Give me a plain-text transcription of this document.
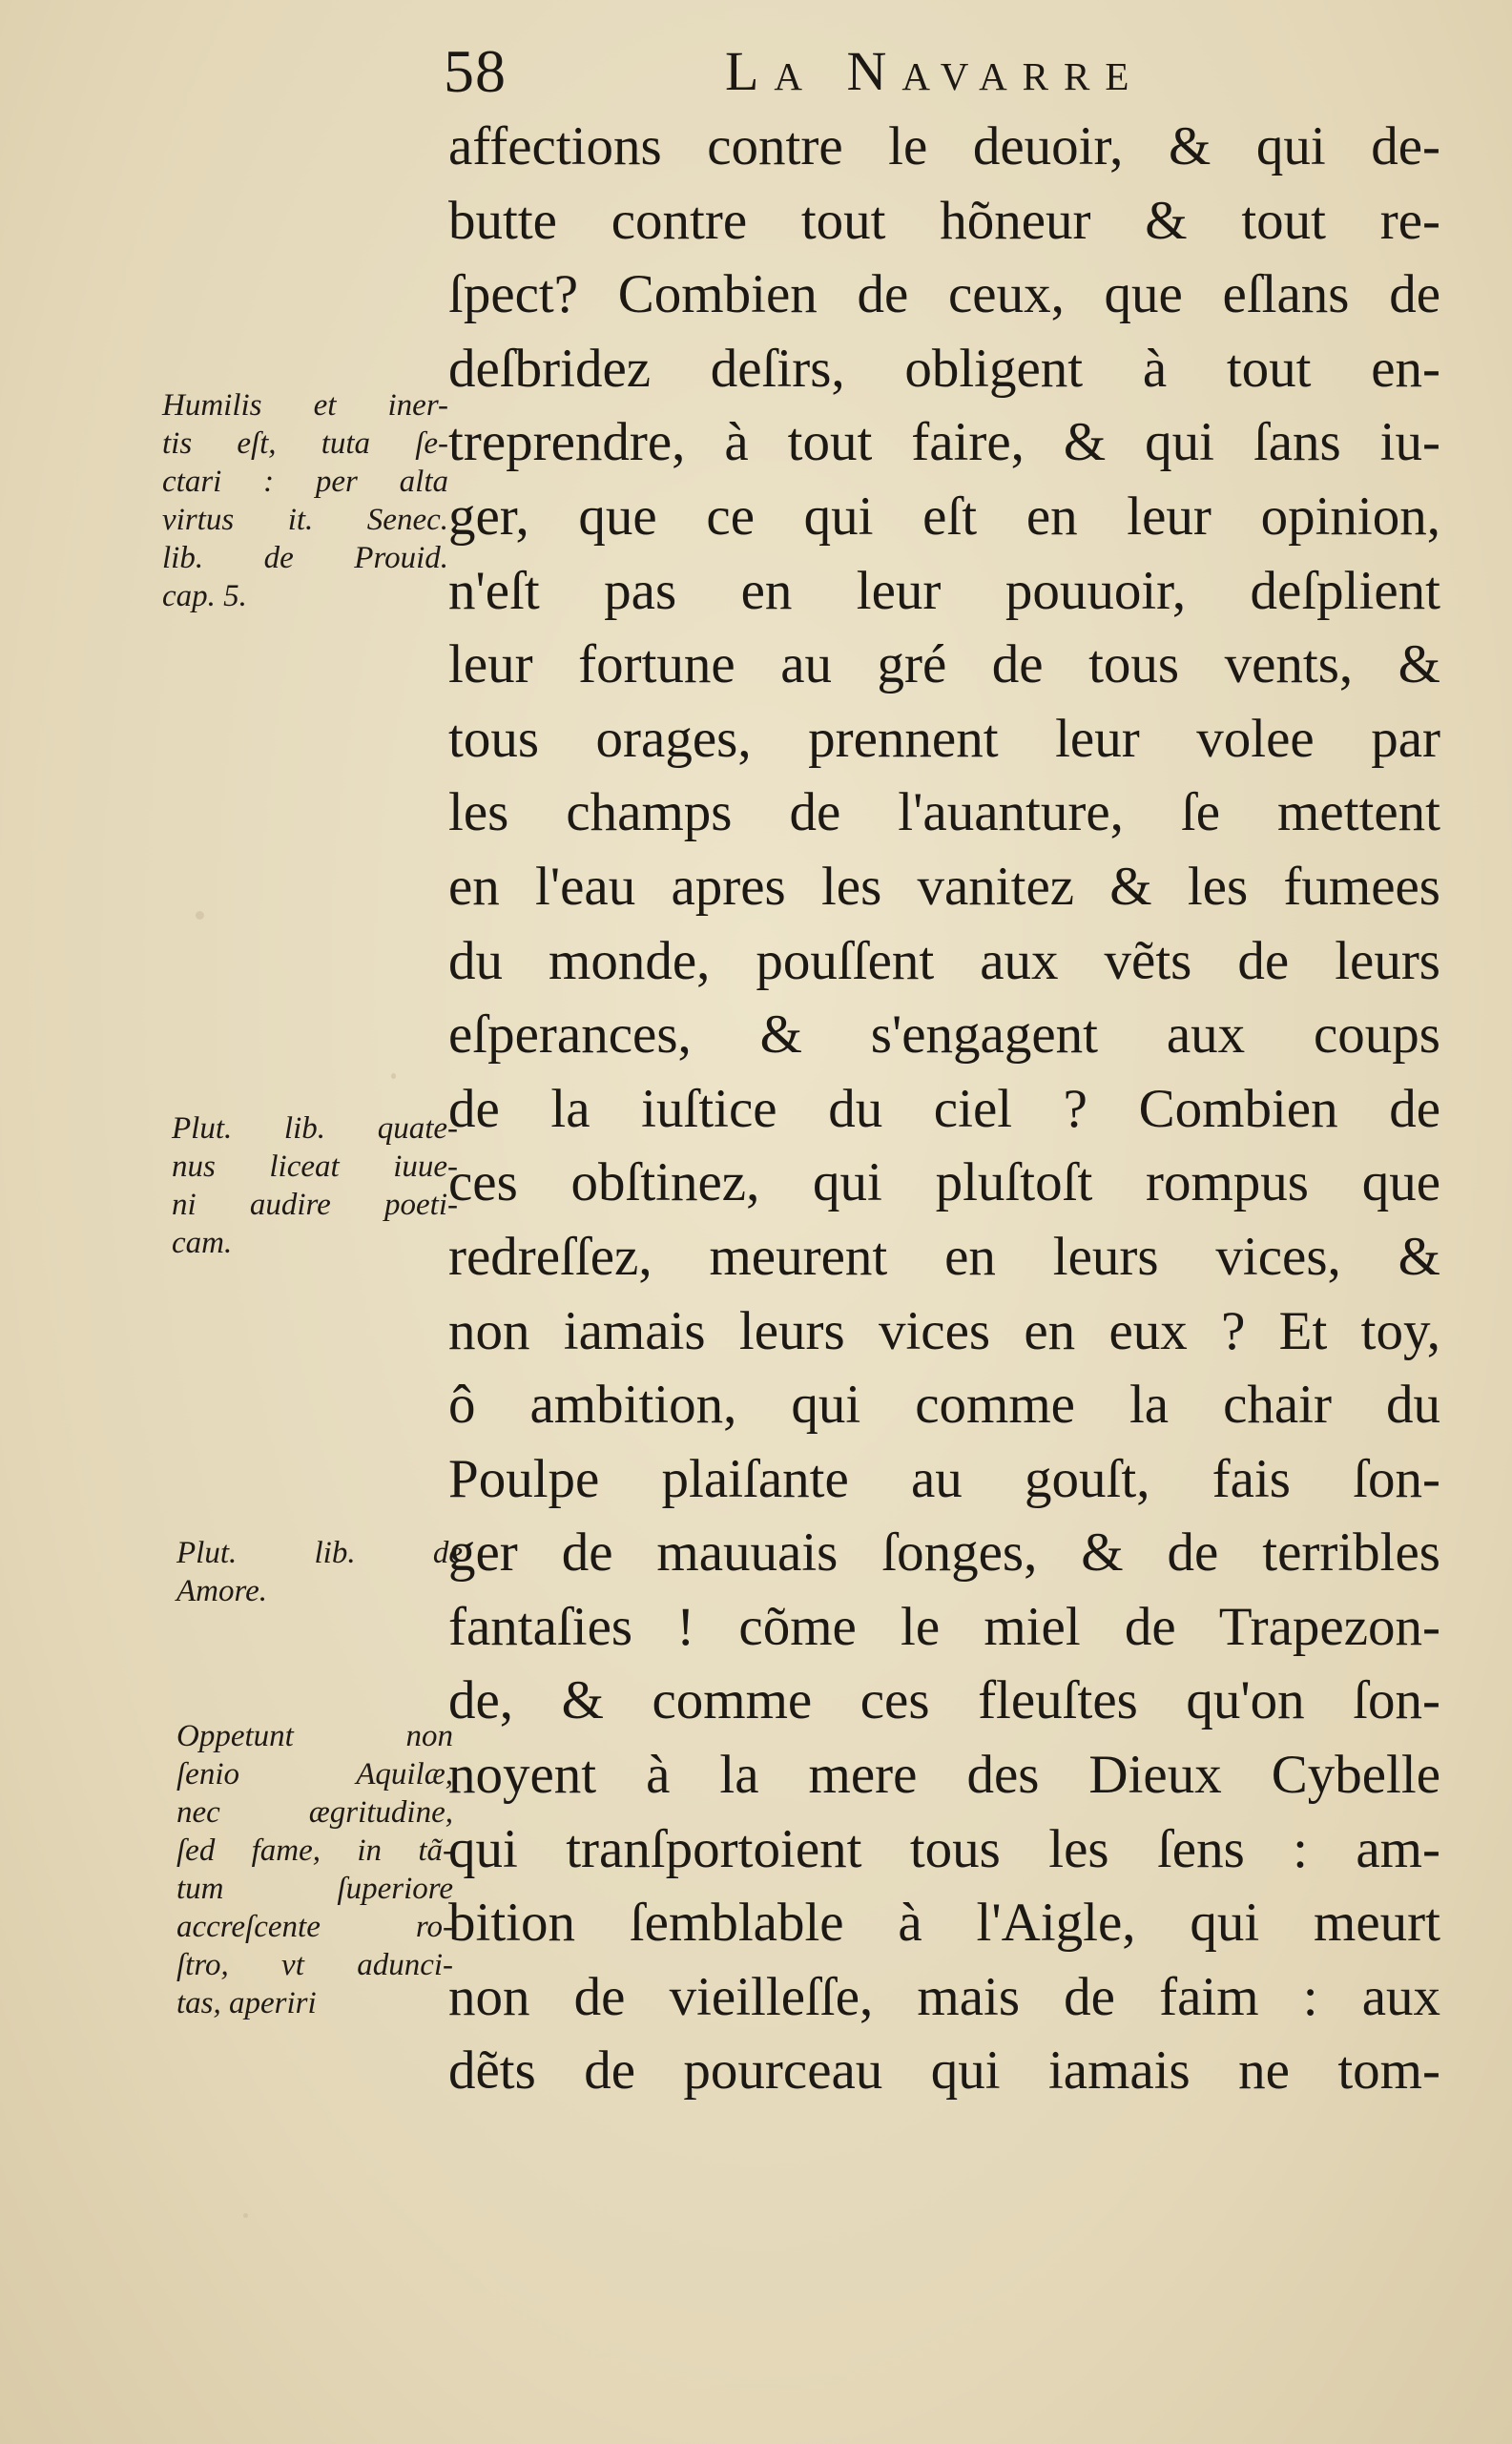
58	La Navarre
affections contre le deuoir, & qui de-
butte contre tout hõneur & tout re-
ſpect? Combien de ceux, que eſlans de
deſbridez deſirs, obligent à tout en-
treprendre, à tout faire, & qui ſans iu-
ger, que ce qui eſt en leur opinion,
n'eſt pas en leur pouuoir, deſplient
leur fortune au gré de tous vents, &
tous orages, prennent leur volee par
les champs de l'auanture, ſe mettent
en l'eau apres les vanitez & les fumees
du monde, pouſſent aux vẽts de leurs
eſperances, & s'engagent aux coups
de la iuſtice du ciel ? Combien de
ces obſtinez, qui pluſtoſt rompus que
redreſſez, meurent en leurs vices, &
non iamais leurs vices en eux ? Et toy,
ô ambition, qui comme la chair du
Poulpe plaiſante au gouſt, fais ſon-
ger de mauuais ſonges, & de terribles
fantaſies ! cõme le miel de Trapezon-
de, & comme ces fleuſtes qu'on ſon-
noyent à la mere des Dieux Cybelle
qui tranſportoient tous les ſens : am-
bition ſemblable à l'Aigle, qui meurt
non de vieilleſſe, mais de faim : aux
dẽts de pourceau qui iamais ne tom-
Humilis et iner-
tis eſt, tuta ſe-
ctari : per alta
virtus it. Senec.
lib. de Prouid.
cap. 5.
Plut. lib. quate-
nus liceat iuue-
ni audire poeti-
cam.
Plut. lib. de
Amore.
Oppetunt non
ſenio Aquilæ,
nec ægritudine,
ſed fame, in tã-
tum ſuperiore
accreſcente ro-
ſtro, vt adunci-
tas, aperiri
